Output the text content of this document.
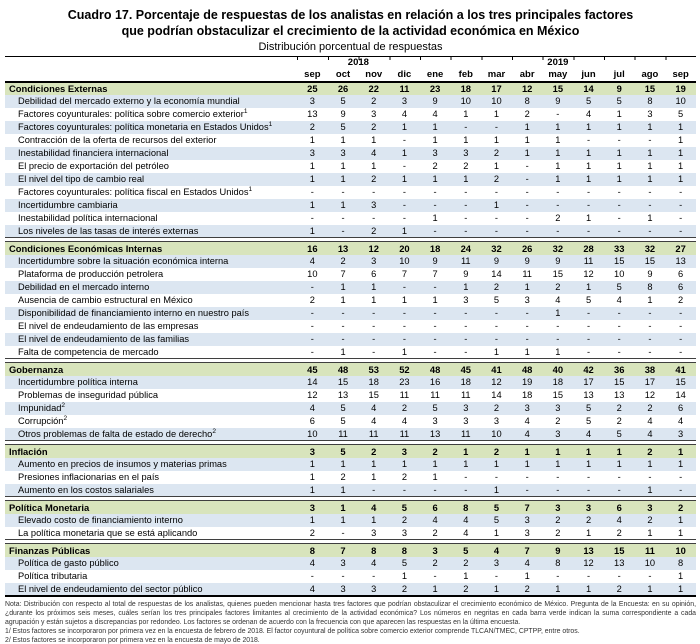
Cuadro 17. Porcentaje de respuestas de los analistas en relación a los tres principales factores
que podrían obstaculizar el crecimiento de la actividad económica en México
Distribución porcentual de respuestas
	2018				2019								
	sep	oct	nov	dic	ene	feb	mar	abr	may	jun	jul	ago	sep
Condiciones Externas	25	26	22	11	23	18	17	12	15	14	9	15	19
Debilidad del mercado externo y la economía mundial	3	5	2	3	9	10	10	8	9	5	5	8	10
Factores coyunturales: política sobre comercio exterior$^1$	13	9	3	4	4	1	1	2	-	4	1	3	5
Factores coyunturales: política monetaria en Estados Unidos$^1$	2	5	2	1	1	-	-	1	1	1	1	1	1
Contracción de la oferta de recursos del exterior	1	1	1	-	1	1	1	1	1	-	-	-	1
Inestabilidad financiera internacional	3	3	4	1	3	3	2	1	1	1	1	1	1
El precio de exportación del petróleo	1	1	1	-	2	2	1	-	1	1	1	1	1
El nivel del tipo de cambio real	1	1	2	1	1	1	2	-	1	1	1	1	1
Factores coyunturales: política fiscal en Estados Unidos$^1$	-	-	-	-	-	-	-	-	-	-	-	-	-
Incertidumbre cambiaria	1	1	3	-	-	-	1	-	-	-	-	-	-
Inestabilidad política internacional	-	-	-	-	1	-	-	-	2	1	-	1	-
Los niveles de las tasas de interés externas	1	-	2	1	-	-	-	-	-	-	-	-	-

Condiciones Económicas Internas	16	13	12	20	18	24	32	26	32	28	33	32	27
Incertidumbre sobre la situación económica interna	4	2	3	10	9	11	9	9	9	11	15	15	13
Plataforma de producción petrolera	10	7	6	7	7	9	14	11	15	12	10	9	6
Debilidad en el mercado interno	-	1	1	-	-	1	2	1	2	1	5	8	6
Ausencia de cambio estructural en México	2	1	1	1	1	3	5	3	4	5	4	1	2
Disponibilidad de financiamiento interno en nuestro país	-	-	-	-	-	-	-	-	1	-	-	-	-
El nivel de endeudamiento de las empresas	-	-	-	-	-	-	-	-	-	-	-	-	-
El nivel de endeudamiento de las familias	-	-	-	-	-	-	-	-	-	-	-	-	-
Falta de competencia de mercado	-	1	-	1	-	-	1	1	1	-	-	-	-

Gobernanza	45	48	53	52	48	45	41	48	40	42	36	38	41
Incertidumbre política interna	14	15	18	23	16	18	12	19	18	17	15	17	15
Problemas de inseguridad pública	12	13	15	11	11	11	14	18	15	13	13	12	14
Impunidad$^2$	4	5	4	2	5	3	2	3	3	5	2	2	6
Corrupción$^2$	6	5	4	4	3	3	3	4	2	5	2	4	4
Otros problemas de falta de estado de derecho$^2$	10	11	11	11	13	11	10	4	3	4	5	4	3

Inflación	3	5	2	3	2	1	2	1	1	1	1	2	1
Aumento en precios de insumos y materias primas	1	1	1	1	1	1	1	1	1	1	1	1	1
Presiones inflacionarias en el país	1	2	1	2	1	-	-	-	-	-	-	-	-
Aumento en los costos salariales	1	1	-	-	-	-	1	-	-	-	-	1	-

Política Monetaria	3	1	4	5	6	8	5	7	3	3	6	3	2
Elevado costo de financiamiento interno	1	1	1	2	4	4	5	3	2	2	4	2	1
La política monetaria que se está aplicando	2	-	3	3	2	4	1	3	2	1	2	1	1

Finanzas Públicas	8	7	8	8	3	5	4	7	9	13	15	11	10
Política de gasto público	4	3	4	5	2	2	3	4	8	12	13	10	8
Política tributaria	-	-	-	1	-	1	-	1	-	-	-	-	1
El nivel de endeudamiento del sector público	4	3	3	2	1	2	1	2	1	1	2	1	1

Nota: Distribución con respecto al total de respuestas de los analistas, quienes pueden mencionar hasta tres factores que podrían obstaculizar el crecimiento económico de México. Pregunta de la Encuesta: en su opinión, ¿durante los próximos seis meses, cuáles serían los tres principales factores limitantes al crecimiento de la actividad económica? Los números en negritas en cada barra verde indican la suma correspondiente a cada agrupación y están sujetos a discrepancias por redondeo. Los factores se ordenan de acuerdo con la frecuencia con que aparecen las respuestas en la última encuesta.

1/ Estos factores se incorporaron por primera vez en la encuesta de febrero de 2018. El factor coyuntural de política sobre comercio exterior comprende TLCAN/TMEC, CPTPP, entre otros.

2/ Estos factores se incorporaron por primera vez en la encuesta de mayo de 2018.
